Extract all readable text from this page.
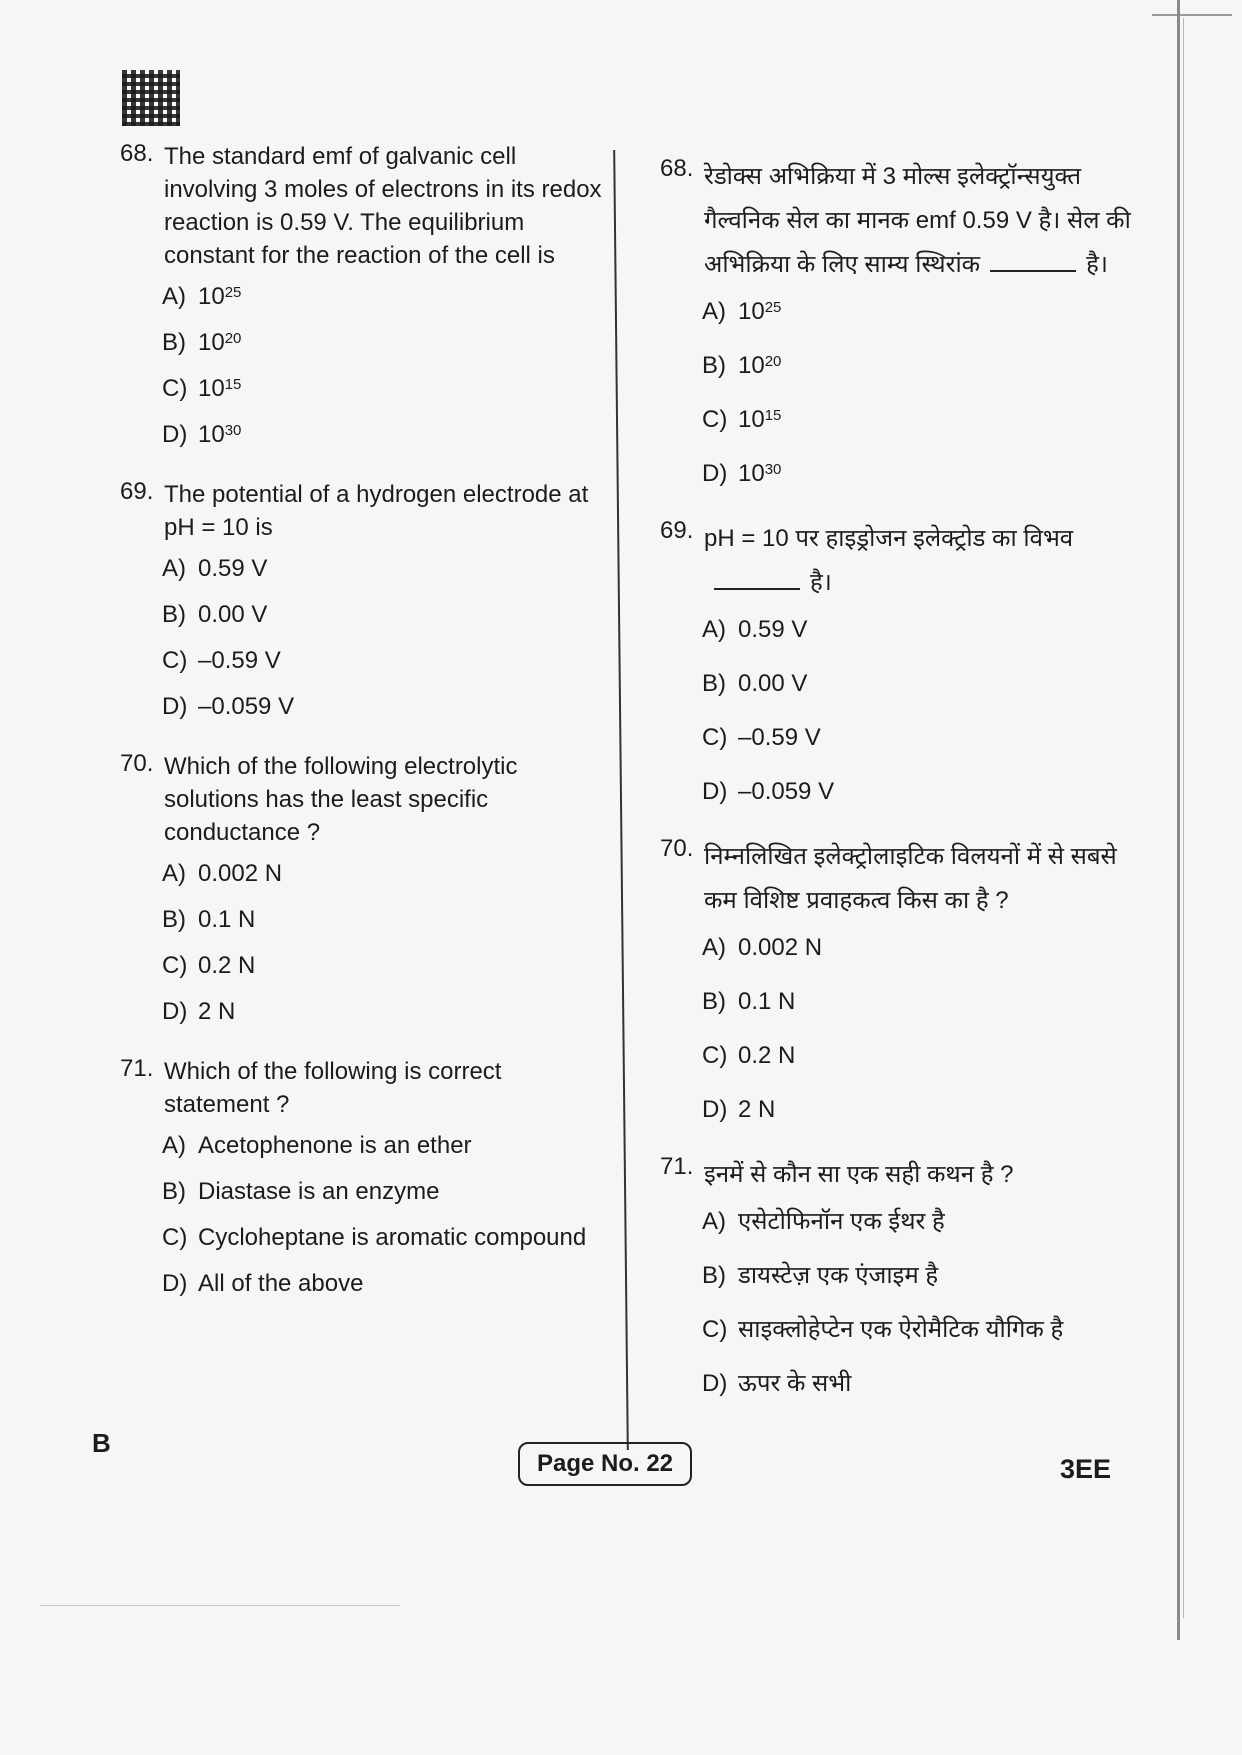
68. The standard emf of galvanic cell involving 3 moles of electrons in its redox reaction is 0.59 V. The equilibrium constant for the reaction of the cell is
A) $10^{25}$
B) $10^{20}$
C) $10^{15}$
D) $10^{30}$
69. The potential of a hydrogen electrode at pH = 10 is
A) 0.59 V
B) 0.00 V
C) –0.59 V
D) –0.059 V
70. Which of the following electrolytic solutions has the least specific conductance ?
A) 0.002 N
B) 0.1 N
C) 0.2 N
D) 2 N
71. Which of the following is correct statement ?
A) Acetophenone is an ether
B) Diastase is an enzyme
C) Cycloheptane is aromatic compound
D) All of the above
68. रेडोक्स अभिक्रिया में 3 मोल्स इलेक्ट्रॉन्सयुक्त गैल्वनिक सेल का मानक emf 0.59 V है। सेल की अभिक्रिया के लिए साम्य स्थिरांक	है।
A) $10^{25}$
B) $10^{20}$
C) $10^{15}$
D) $10^{30}$
69. pH = 10 पर हाइड्रोजन इलेक्ट्रोड का विभवहै।
A) 0.59 V
B) 0.00 V
C) –0.59 V
D) –0.059 V
70. निम्नलिखित इलेक्ट्रोलाइटिक विलयनों में से सबसे कम विशिष्ट प्रवाहकत्व किस का है ?
A) 0.002 N
B) 0.1 N
C) 0.2 N
D) 2 N
71. इनमें से कौन सा एक सही कथन है ?
A) एसेटोफिनॉन एक ईथर है
B) डायस्टेज़ एक एंजाइम है
C) साइक्लोहेप्टेन एक ऐरोमैटिक यौगिक है
D) ऊपर के सभी
B
Page No. 22	3EE
